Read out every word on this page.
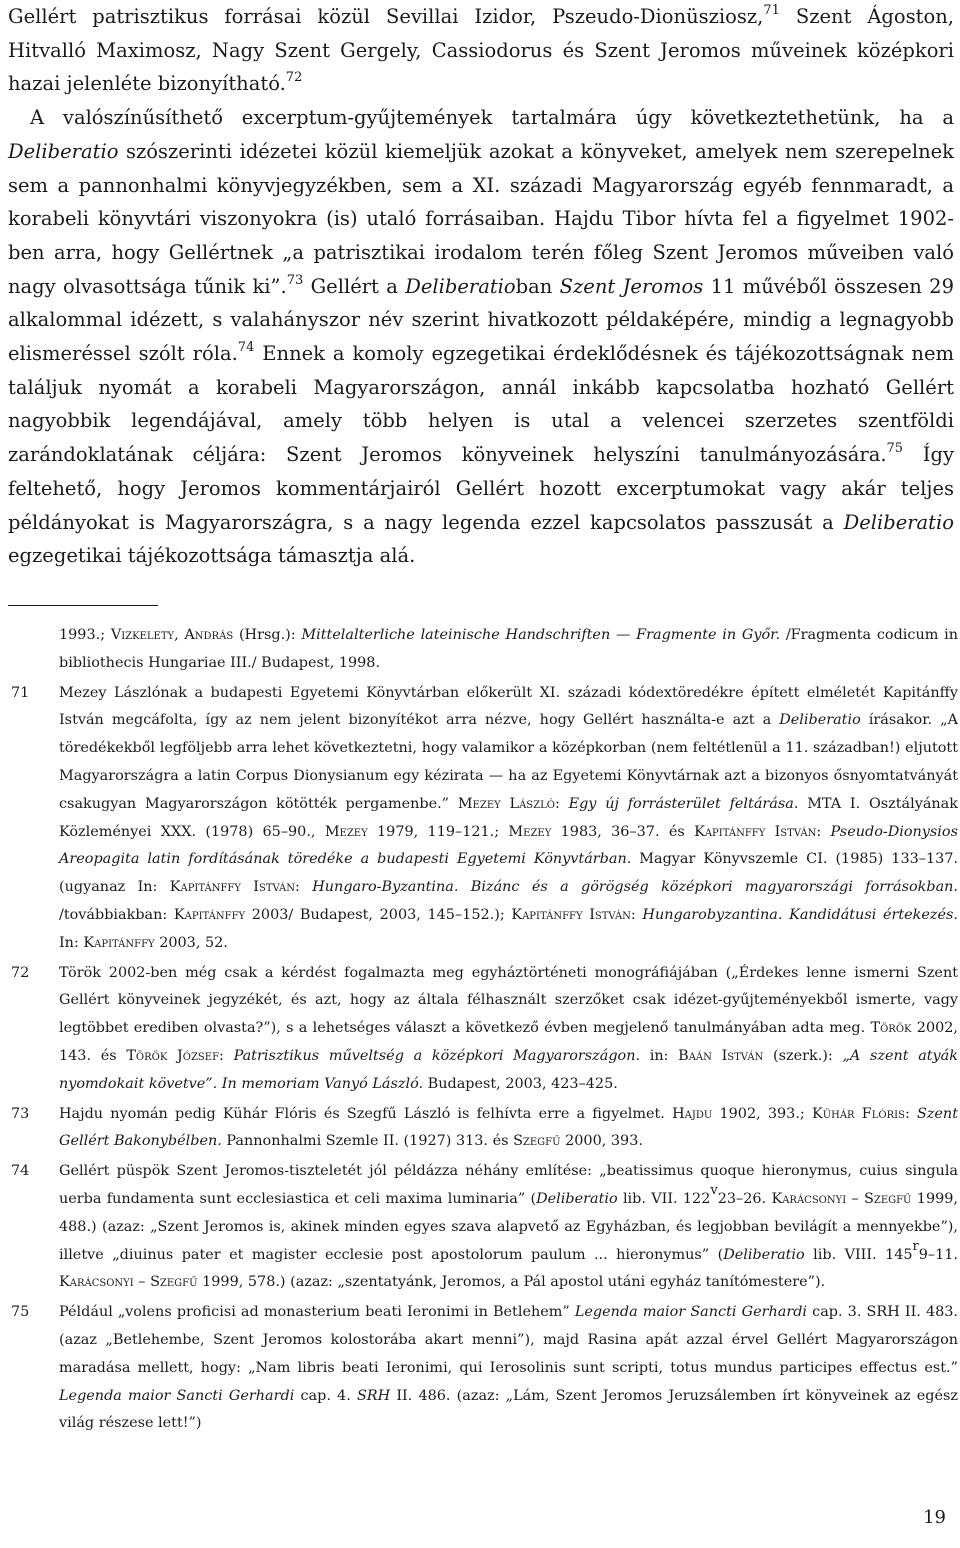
Gellért patrisztikus forrásai közül Sevillai Izidor, Pszeudo-Dionüsziosz,$^{71}$ Szent Ágoston, Hitvalló Maximosz, Nagy Szent Gergely, Cassiodorus és Szent Jeromos műveinek középkori hazai jelenléte bizonyítható.$^{72}$

A valószínűsíthető excerptum-gyűjtemények tartalmára úgy következtethetünk, ha a Deliberatio szószerinti idézetei közül kiemeljük azokat a könyveket, amelyek nem szerepelnek sem a pannonhalmi könyvjegyzékben, sem a XI. századi Magyarország egyéb fennmaradt, a korabeli könyvtári viszonyokra (is) utaló forrásaiban. Hajdu Tibor hívta fel a figyelmet 1902-ben arra, hogy Gellértnek „a patrisztikai irodalom terén főleg Szent Jeromos műveiben való nagy olvasottsága tűnik ki”.$^{73}$ Gellért a Deliberatioban Szent Jeromos 11 művéből összesen 29 alkalommal idézett, s valahányszor név szerint hivatkozott példaképére, mindig a legnagyobb elismeréssel szólt róla.$^{74}$ Ennek a komoly egzegetikai érdeklődésnek és tájékozottságnak nem találjuk nyomát a korabeli Magyarországon, annál inkább kapcsolatba hozható Gellért nagyobbik legendájával, amely több helyen is utal a velencei szerzetes szentföldi zarándoklatának céljára: Szent Jeromos könyveinek helyszíni tanulmányozására.$^{75}$ Így feltehető, hogy Jeromos kommentárjairól Gellért hozott excerptumokat vagy akár teljes példányokat is Magyarországra, s a nagy legenda ezzel kapcsolatos passzusát a Deliberatio egzegetikai tájékozottsága támasztja alá.

1993.; Vizkelety, András (Hrsg.): Mittelalterliche lateinische Handschriften — Fragmente in Győr. /Fragmenta codicum in bibliothecis Hungariae III./ Budapest, 1998.
71 Mezey Lászlónak a budapesti Egyetemi Könyvtárban előkerült XI. századi kódextöredékre épített elméletét Kapitánffy István megcáfolta, így az nem jelent bizonyítékot arra nézve, hogy Gellért használta-e azt a Deliberatio írásakor. „A töredékekből legföljebb arra lehet következtetni, hogy valamikor a középkorban (nem feltétlenül a 11. században!) eljutott Magyarországra a latin Corpus Dionysianum egy kézirata — ha az Egyetemi Könyvtárnak azt a bizonyos ősnyomtatványát csakugyan Magyarországon kötötték pergamenbe.” Mezey László: Egy új forrásterület feltárása. MTA I. Osztályának Közleményei XXX. (1978) 65–90., Mezey 1979, 119–121.; Mezey 1983, 36–37. és Kapitánffy István: Pseudo-Dionysios Areopagita latin fordításának töredéke a budapesti Egyetemi Könyvtárban. Magyar Könyvszemle CI. (1985) 133–137. (ugyanaz In: Kapitánffy István: Hungaro-Byzantina. Bizánc és a görögség középkori magyarországi forrásokban. /továbbiakban: Kapitánffy 2003/ Budapest, 2003, 145–152.); Kapitánffy István: Hungarobyzantina. Kandidátusi értekezés. In: Kapitánffy 2003, 52.
72 Török 2002-ben még csak a kérdést fogalmazta meg egyháztörténeti monográfiájában („Érdekes lenne ismerni Szent Gellért könyveinek jegyzékét, és azt, hogy az általa félhasznált szerzőket csak idézet-gyűjteményekből ismerte, vagy legtöbbet erediben olvasta?”), s a lehetséges választ a következő évben megjelenő tanulmányában adta meg. Török 2002, 143. és Török József: Patrisztikus műveltség a középkori Magyarországon. in: Baán István (szerk.): „A szent atyák nyomdokait követve”. In memoriam Vanyó László. Budapest, 2003, 423–425.
73 Hajdu nyomán pedig Kühár Flóris és Szegfű László is felhívta erre a figyelmet. Hajdu 1902, 393.; Kühár Flóris: Szent Gellért Bakonybélben. Pannonhalmi Szemle II. (1927) 313. és Szegfű 2000, 393.
74 Gellért püspök Szent Jeromos-tiszteletét jól példázza néhány említése: „beatissimus quoque hieronymus, cuius singula uerba fundamenta sunt ecclesiastica et celi maxima luminaria” (Deliberatio lib. VII. 122$^v$23–26. Karácsonyi – Szegfű 1999, 488.) (azaz: „Szent Jeromos is, akinek minden egyes szava alapvető az Egyházban, és legjobban bevilágít a mennyekbe”), illetve „diuinus pater et magister ecclesie post apostolorum paulum ... hieronymus” (Deliberatio lib. VIII. 145$^r$9–11. Karácsonyi – Szegfű 1999, 578.) (azaz: „szentatyánk, Jeromos, a Pál apostol utáni egyház tanítómestere”).
75 Például „volens proficisi ad monasterium beati Ieronimi in Betlehem” Legenda maior Sancti Gerhardi cap. 3. SRH II. 483. (azaz „Betlehembe, Szent Jeromos kolostorába akart menni”), majd Rasina apát azzal érvel Gellért Magyarországon maradása mellett, hogy: „Nam libris beati Ieronimi, qui Ierosolinis sunt scripti, totus mundus participes effectus est.” Legenda maior Sancti Gerhardi cap. 4. SRH II. 486. (azaz: „Lám, Szent Jeromos Jeruzsálemben írt könyveinek az egész világ részese lett!”)
19
